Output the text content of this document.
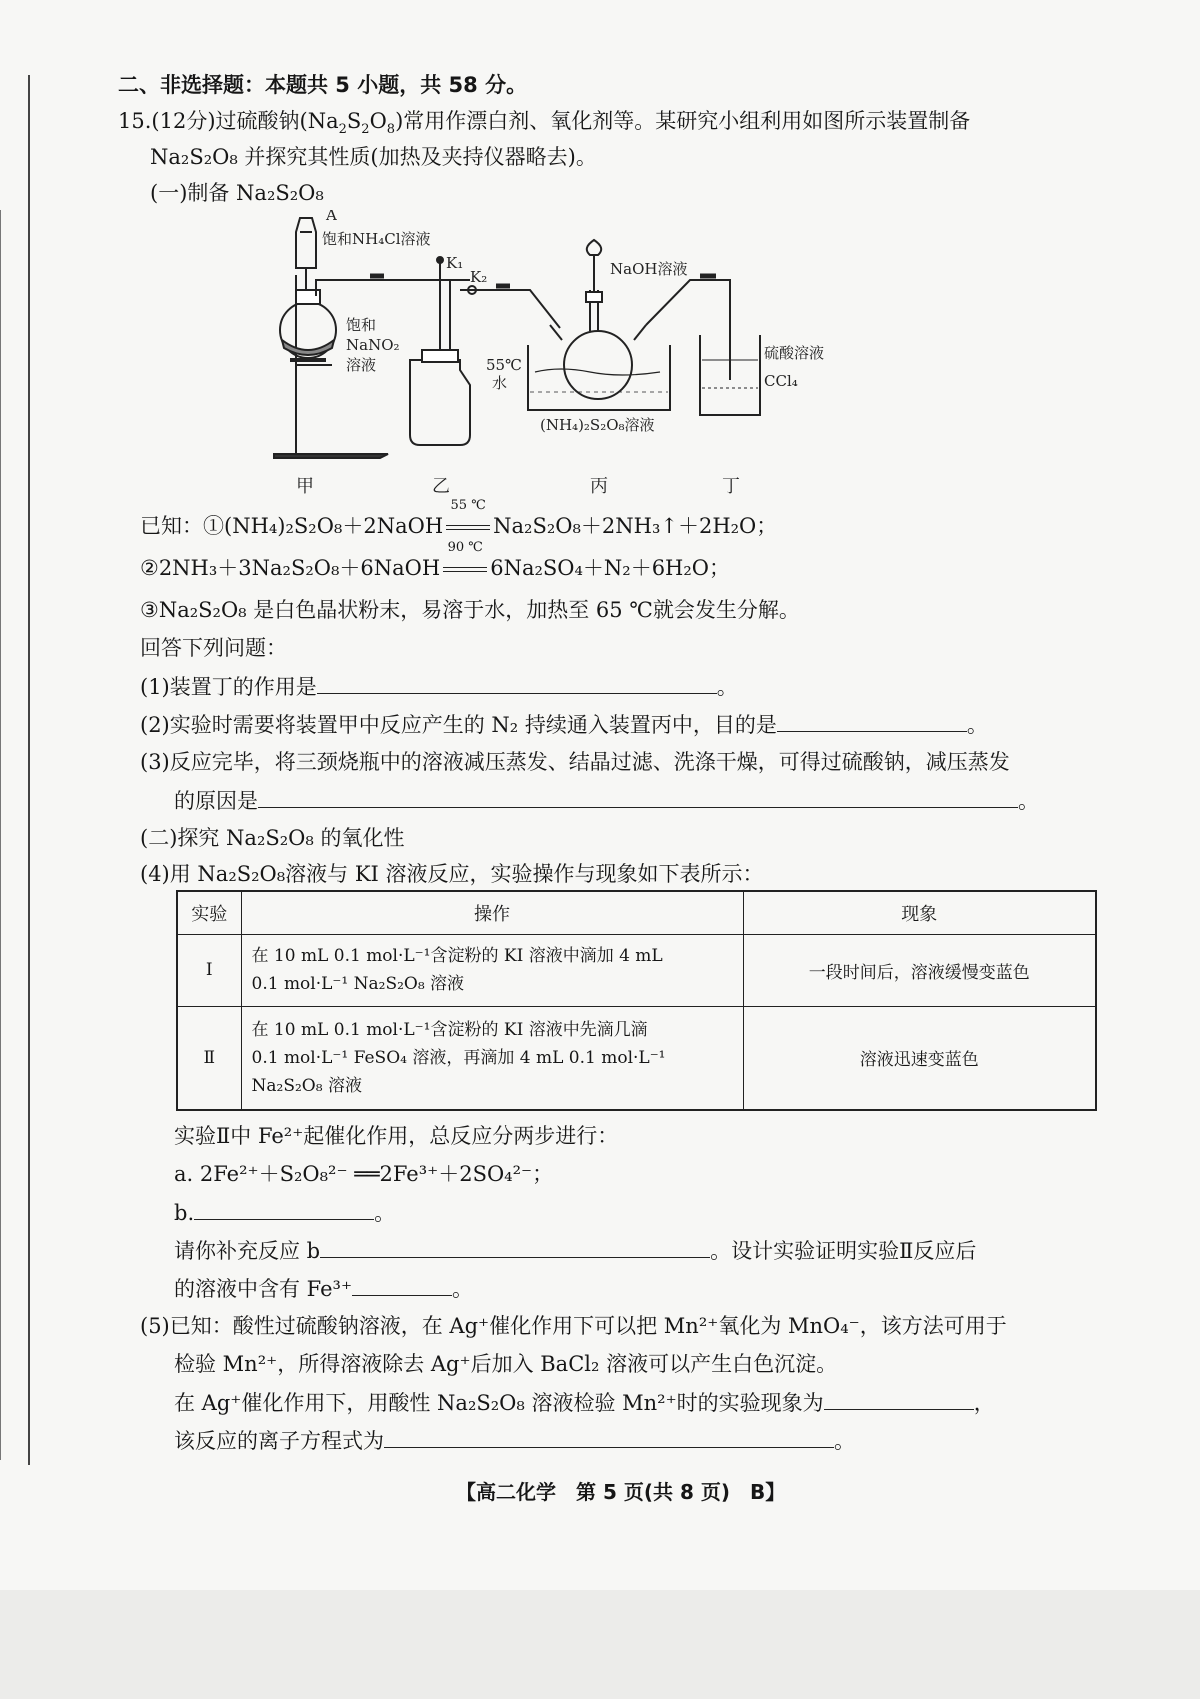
二、非选择题：本题共 5 小题，共 58 分。
15.(12分)过硫酸钠$(Na_2S_2O_8)$常用作漂白剂、氧化剂等。某研究小组利用如图所示装置制备
Na₂S₂O₈ 并探究其性质(加热及夹持仪器略去)。
(一)制备 Na₂S₂O₈
A
饱和NH₄Cl溶液
饱和
NaNO₂
溶液
K₁
K₂	NaOH溶液
55℃
水
(NH₄)₂S₂O₈溶液
硫酸溶液
CCl₄
甲	乙	丙	丁
已知：①(NH₄)₂S₂O₈＋2NaOH
55 ℃
Na₂S₂O₈＋2NH₃↑＋2H₂O；
②2NH₃＋3Na₂S₂O₈＋6NaOH
90 ℃
6Na₂SO₄＋N₂＋6H₂O；
③Na₂S₂O₈ 是白色晶状粉末，易溶于水，加热至 65 ℃就会发生分解。
回答下列问题：
(1)装置丁的作用是	。
(2)实验时需要将装置甲中反应产生的 N₂ 持续通入装置丙中，目的是	。
(3)反应完毕，将三颈烧瓶中的溶液减压蒸发、结晶过滤、洗涤干燥，可得过硫酸钠，减压蒸发
的原因是	。
(二)探究 Na₂S₂O₈ 的氧化性
(4)用 Na₂S₂O₈溶液与 KI 溶液反应，实验操作与现象如下表所示：
实验	操作	现象
Ⅰ	在 10 mL 0.1 mol·L⁻¹含淀粉的 KI 溶液中滴加 4 mL
0.1 mol·L⁻¹ Na₂S₂O₈ 溶液	一段时间后，溶液缓慢变蓝色
Ⅱ	在 10 mL 0.1 mol·L⁻¹含淀粉的 KI 溶液中先滴几滴
0.1 mol·L⁻¹ FeSO₄ 溶液，再滴加 4 mL 0.1 mol·L⁻¹
Na₂S₂O₈ 溶液	溶液迅速变蓝色
实验Ⅱ中 Fe²⁺起催化作用，总反应分两步进行：
a. 2Fe²⁺＋S₂O₈²⁻ ══2Fe³⁺＋2SO₄²⁻；
b.	。
请你补充反应 b	。设计实验证明实验Ⅱ反应后
的溶液中含有 Fe³⁺	。
(5)已知：酸性过硫酸钠溶液，在 Ag⁺催化作用下可以把 Mn²⁺氧化为 MnO₄⁻，该方法可用于
检验 Mn²⁺，所得溶液除去 Ag⁺后加入 BaCl₂ 溶液可以产生白色沉淀。
在 Ag⁺催化作用下，用酸性 Na₂S₂O₈ 溶液检验 Mn²⁺时的实验现象为	，
该反应的离子方程式为	。
【高二化学　第 5 页(共 8 页)　B】
